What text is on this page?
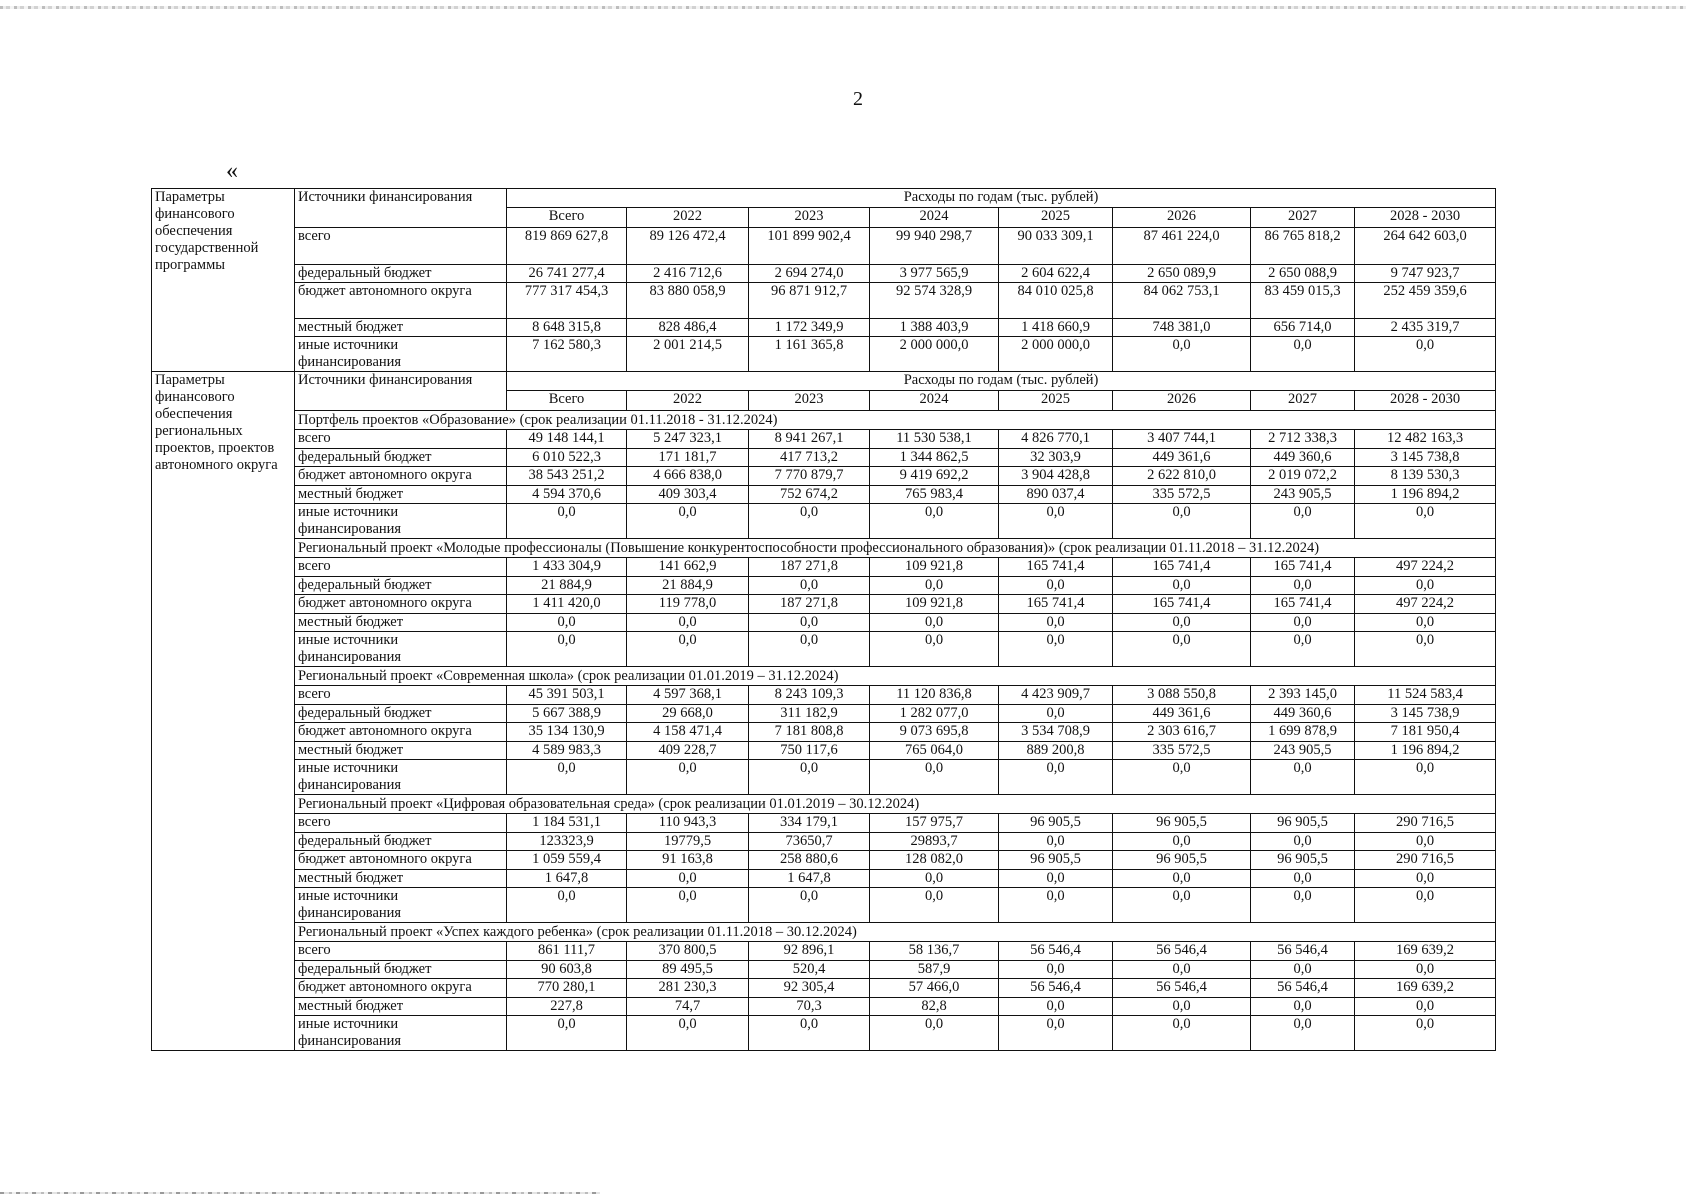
2
«
Параметры финансового обеспечения государственной программы	Источники финансирования	Расходы по годам (тыс. рублей)							
		Всего	2022	2023	2024	2025	2026	2027	2028 - 2030
	всего	819 869 627,8	89 126 472,4	101 899 902,4	99 940 298,7	90 033 309,1	87 461 224,0	86 765 818,2	264 642 603,0
	федеральный бюджет	26 741 277,4	2 416 712,6	2 694 274,0	3 977 565,9	2 604 622,4	2 650 089,9	2 650 088,9	9 747 923,7
	бюджет автономного округа	777 317 454,3	83 880 058,9	96 871 912,7	92 574 328,9	84 010 025,8	84 062 753,1	83 459 015,3	252 459 359,6
	местный бюджет	8 648 315,8	828 486,4	1 172 349,9	1 388 403,9	1 418 660,9	748 381,0	656 714,0	2 435 319,7
	иные источники финансирования	7 162 580,3	2 001 214,5	1 161 365,8	2 000 000,0	2 000 000,0	0,0	0,0	0,0
Параметры финансового обеспечения региональных проектов, проектов автономного округа	Источники финансирования	Расходы по годам (тыс. рублей)							
		Всего	2022	2023	2024	2025	2026	2027	2028 - 2030
	Портфель проектов «Образование» (срок реализации 01.11.2018 - 31.12.2024)								
	всего	49 148 144,1	5 247 323,1	8 941 267,1	11 530 538,1	4 826 770,1	3 407 744,1	2 712 338,3	12 482 163,3
	федеральный бюджет	6 010 522,3	171 181,7	417 713,2	1 344 862,5	32 303,9	449 361,6	449 360,6	3 145 738,8
	бюджет автономного округа	38 543 251,2	4 666 838,0	7 770 879,7	9 419 692,2	3 904 428,8	2 622 810,0	2 019 072,2	8 139 530,3
	местный бюджет	4 594 370,6	409 303,4	752 674,2	765 983,4	890 037,4	335 572,5	243 905,5	1 196 894,2
	иные источники финансирования	0,0	0,0	0,0	0,0	0,0	0,0	0,0	0,0
	Региональный проект «Молодые профессионалы (Повышение конкурентоспособности профессионального образования)» (срок реализации 01.11.2018 – 31.12.2024)								
	всего	1 433 304,9	141 662,9	187 271,8	109 921,8	165 741,4	165 741,4	165 741,4	497 224,2
	федеральный бюджет	21 884,9	21 884,9	0,0	0,0	0,0	0,0	0,0	0,0
	бюджет автономного округа	1 411 420,0	119 778,0	187 271,8	109 921,8	165 741,4	165 741,4	165 741,4	497 224,2
	местный бюджет	0,0	0,0	0,0	0,0	0,0	0,0	0,0	0,0
	иные источники финансирования	0,0	0,0	0,0	0,0	0,0	0,0	0,0	0,0
	Региональный проект «Современная школа» (срок реализации 01.01.2019 – 31.12.2024)								
	всего	45 391 503,1	4 597 368,1	8 243 109,3	11 120 836,8	4 423 909,7	3 088 550,8	2 393 145,0	11 524 583,4
	федеральный бюджет	5 667 388,9	29 668,0	311 182,9	1 282 077,0	0,0	449 361,6	449 360,6	3 145 738,9
	бюджет автономного округа	35 134 130,9	4 158 471,4	7 181 808,8	9 073 695,8	3 534 708,9	2 303 616,7	1 699 878,9	7 181 950,4
	местный бюджет	4 589 983,3	409 228,7	750 117,6	765 064,0	889 200,8	335 572,5	243 905,5	1 196 894,2
	иные источники финансирования	0,0	0,0	0,0	0,0	0,0	0,0	0,0	0,0
	Региональный проект «Цифровая образовательная среда» (срок реализации 01.01.2019 – 30.12.2024)								
	всего	1 184 531,1	110 943,3	334 179,1	157 975,7	96 905,5	96 905,5	96 905,5	290 716,5
	федеральный бюджет	123323,9	19779,5	73650,7	29893,7	0,0	0,0	0,0	0,0
	бюджет автономного округа	1 059 559,4	91 163,8	258 880,6	128 082,0	96 905,5	96 905,5	96 905,5	290 716,5
	местный бюджет	1 647,8	0,0	1 647,8	0,0	0,0	0,0	0,0	0,0
	иные источники финансирования	0,0	0,0	0,0	0,0	0,0	0,0	0,0	0,0
	Региональный проект «Успех каждого ребенка» (срок реализации 01.11.2018 – 30.12.2024)								
	всего	861 111,7	370 800,5	92 896,1	58 136,7	56 546,4	56 546,4	56 546,4	169 639,2
	федеральный бюджет	90 603,8	89 495,5	520,4	587,9	0,0	0,0	0,0	0,0
	бюджет автономного округа	770 280,1	281 230,3	92 305,4	57 466,0	56 546,4	56 546,4	56 546,4	169 639,2
	местный бюджет	227,8	74,7	70,3	82,8	0,0	0,0	0,0	0,0
	иные источники финансирования	0,0	0,0	0,0	0,0	0,0	0,0	0,0	0,0
